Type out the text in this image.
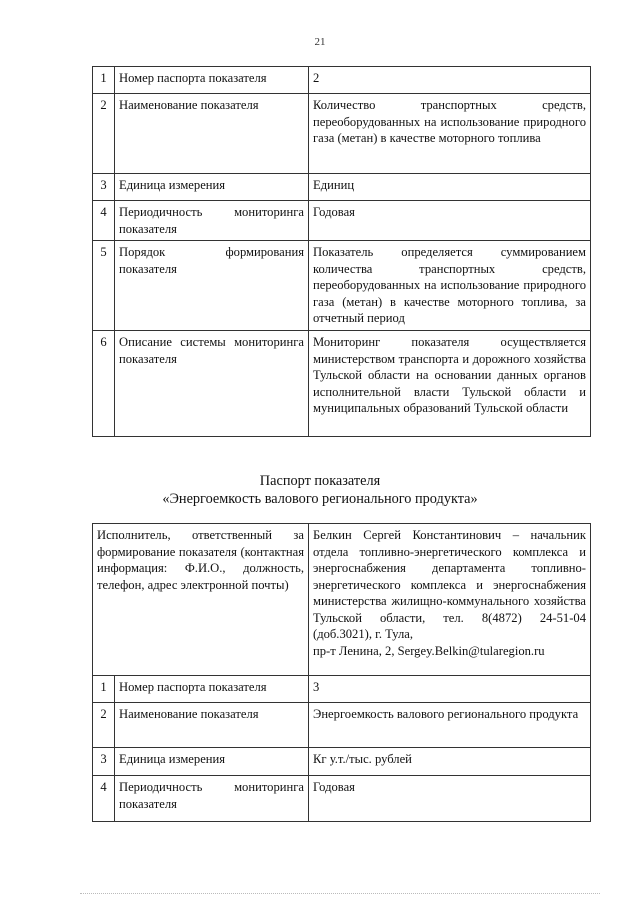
21
1	Номер паспорта показателя	2
2	Наименование показателя	Количество транспортных средств, переоборудованных на использование природного газа (метан) в качестве моторного топлива
3	Единица измерения	Единиц
4	Периодичность мониторинга показателя	Годовая
5	Порядок формирования показателя	Показатель определяется суммированием количества транспортных средств, переоборудованных на использование природного газа (метан) в качестве моторного топлива, за отчетный период
6	Описание системы мониторинга показателя	Мониторинг показателя осуществляется министерством транспорта и дорожного хозяйства Тульской области на основании данных органов исполнительной власти Тульской области и муниципальных образований Тульской области
Паспорт показателя
«Энергоемкость валового регионального продукта»
Исполнитель, ответственный за формирование показателя (контактная информация: Ф.И.О., должность, телефон, адрес электронной почты)		Белкин Сергей Константинович – начальник отдела топливно-энергетического комплекса и энергоснабжения департамента топливно-энергетического комплекса и энергоснабжения министерства жилищно-коммунального хозяйства Тульской области, тел. 8(4872) 24-51-04 (доб.3021), г. Тула,
пр-т Ленина, 2, Sergey.Belkin@tularegion.ru

1	Номер паспорта показателя	3
2	Наименование показателя	Энергоемкость валового регионального продукта
3	Единица измерения	Кг у.т./тыс. рублей
4	Периодичность мониторинга показателя	Годовая
